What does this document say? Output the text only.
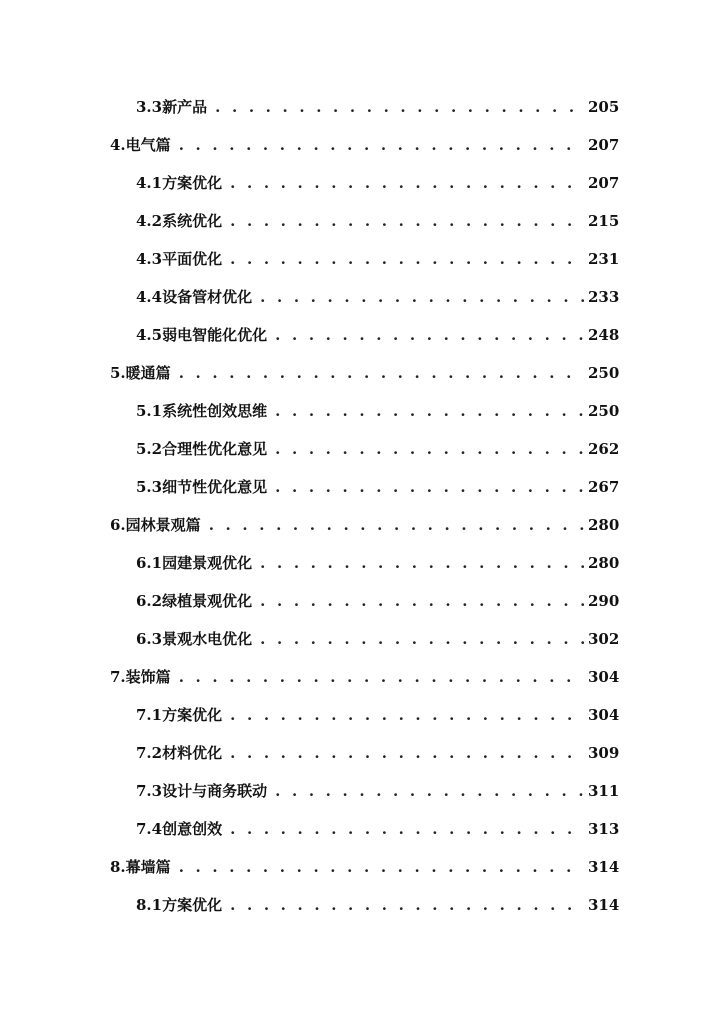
3.3 新产品 . . .	205
4. 电气篇 . . .	207
4.1 方案优化 . . .	207
4.2 系统优化 . . .	215
4.3 平面优化 . . .	231
4.4 设备管材优化 . . .	233
4.5 弱电智能化优化 . . .	248
5. 暖通篇 . . .	250
5.1 系统性创效思维 . . .	250
5.2 合理性优化意见 . . .	262
5.3 细节性优化意见 . . .	267
6. 园林景观篇 . . .	280
6.1 园建景观优化 . . .	280
6.2 绿植景观优化 . . .	290
6.3 景观水电优化 . . .	302
7. 装饰篇 . . .	304
7.1 方案优化 . . .	304
7.2 材料优化 . . .	309
7.3 设计与商务联动 . . .	311
7.4 创意创效 . . .	313
8. 幕墙篇 . . .	314
8.1 方案优化 . . .	314
